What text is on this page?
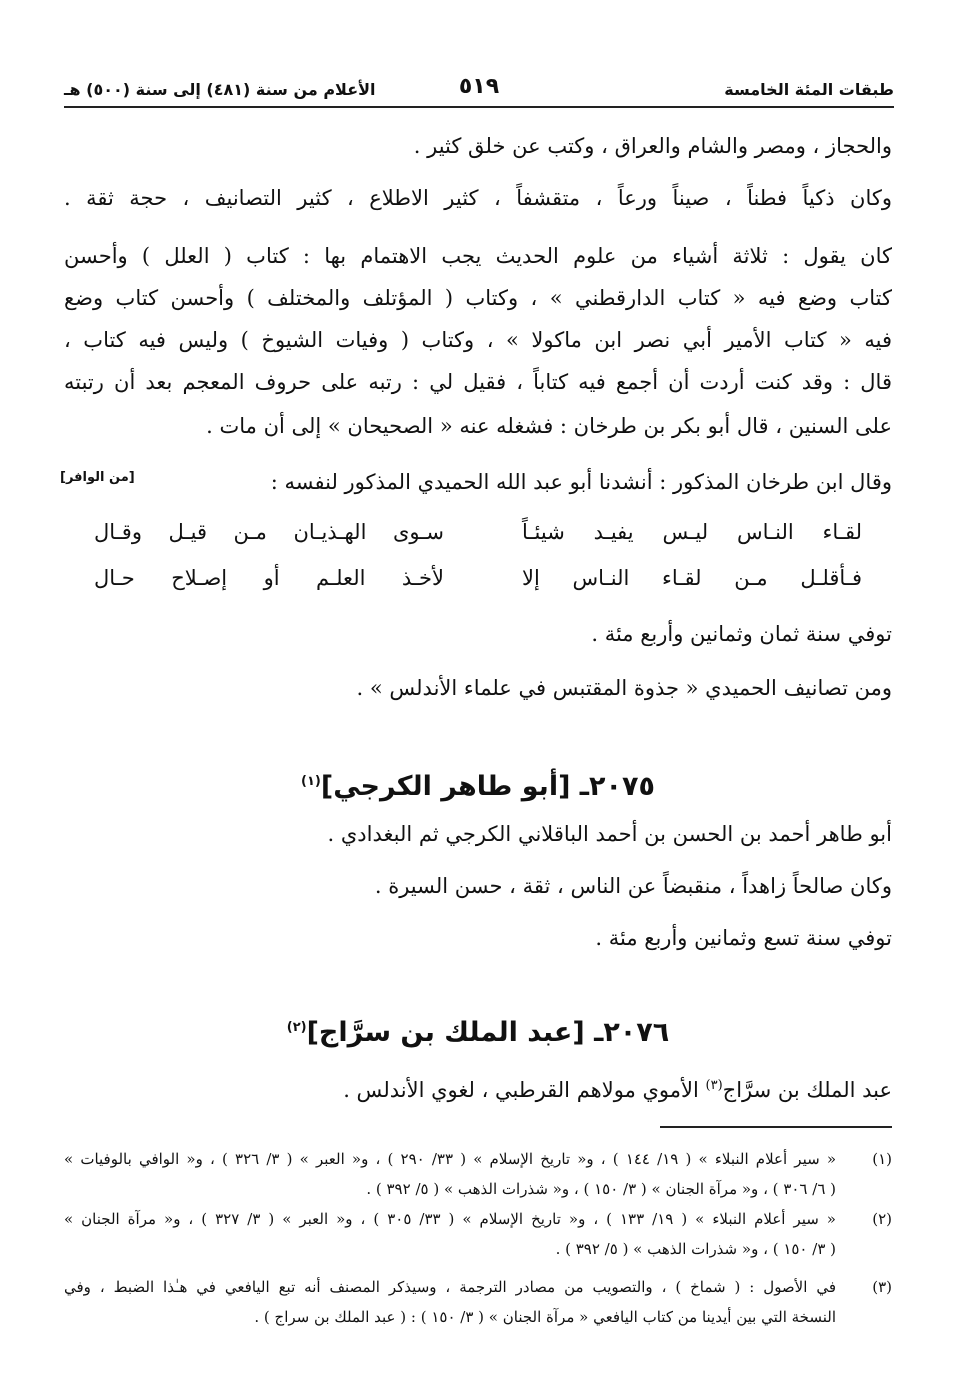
طبقات المئة الخامسة
٥١٩
الأعلام من سنة (٤٨١) إلى سنة (٥٠٠) هـ
والحجاز ، ومصر والشام والعراق ، وكتب عن خلق كثير .
وكان ذكياً فطناً ، صيناً ورعاً ، متقشفاً ، كثير الاطلاع ، كثير التصانيف ، حجة ثقة .
كان يقول : ثلاثة أشياء من علوم الحديث يجب الاهتمام بها : كتاب ( العلل ) وأحسن
كتاب وضع فيه « كتاب الدارقطني » ، وكتاب ( المؤتلف والمختلف ) وأحسن كتاب وضع
فيه « كتاب الأمير أبي نصر ابن ماكولا » ، وكتاب ( وفيات الشيوخ ) وليس فيه كتاب ،
قال : وقد كنت أردت أن أجمع فيه كتاباً ، فقيل لي : رتبه على حروف المعجم بعد أن رتبته
على السنين ، قال أبو بكر بن طرخان : فشغله عنه « الصحيحان » إلى أن مات .
وقال ابن طرخان المذكور : أنشدنا أبو عبد الله الحميدي المذكور لنفسه :
[من الوافر]
لقـاء النـاس ليـس يفيـد شيئـاً
سـوى الهـذيـان مـن قيـل وقـال
فـأقلـل مـن لقـاء النـاس إلا
لأخـذ العلـم أو إصـلاح حـال
توفي سنة ثمان وثمانين وأربع مئة .
ومن تصانيف الحميدي « جذوة المقتبس في علماء الأندلس » .
٢٠٧٥ـ [أبو طاهر الكرجي]$^{(١)}$
أبو طاهر أحمد بن الحسن بن أحمد الباقلاني الكرجي ثم البغدادي .
وكان صالحاً زاهداً ، منقبضاً عن الناس ، ثقة ، حسن السيرة .
توفي سنة تسع وثمانين وأربع مئة .
٢٠٧٦ـ [عبد الملك بن سرَّاج]$^{(٢)}$
عبد الملك بن سرَّاج$^{(٣)}$ الأموي مولاهم القرطبي ، لغوي الأندلس .
(١)
« سير أعلام النبلاء » ( ١٩/ ١٤٤ ) ، و« تاريخ الإسلام » ( ٣٣/ ٢٩٠ ) ، و« العبر » ( ٣/ ٣٢٦ ) ، و« الوافي بالوفيات »
( ٦/ ٣٠٦ ) ، و« مرآة الجنان » ( ٣/ ١٥٠ ) ، و« شذرات الذهب » ( ٥/ ٣٩٢ ) .
(٢)
« سير أعلام النبلاء » ( ١٩/ ١٣٣ ) ، و« تاريخ الإسلام » ( ٣٣/ ٣٠٥ ) ، و« العبر » ( ٣/ ٣٢٧ ) ، و« مرآة الجنان »
( ٣/ ١٥٠ ) ، و« شذرات الذهب » ( ٥/ ٣٩٢ ) .
(٣)
في الأصول : ( شماخ ) ، والتصويب من مصادر الترجمة ، وسيذكر المصنف أنه تبع اليافعي في هـٰذا الضبط ، وفي
النسخة التي بين أيدينا من كتاب اليافعي « مرآة الجنان » ( ٣/ ١٥٠ ) : ( عبد الملك بن سراج ) .
